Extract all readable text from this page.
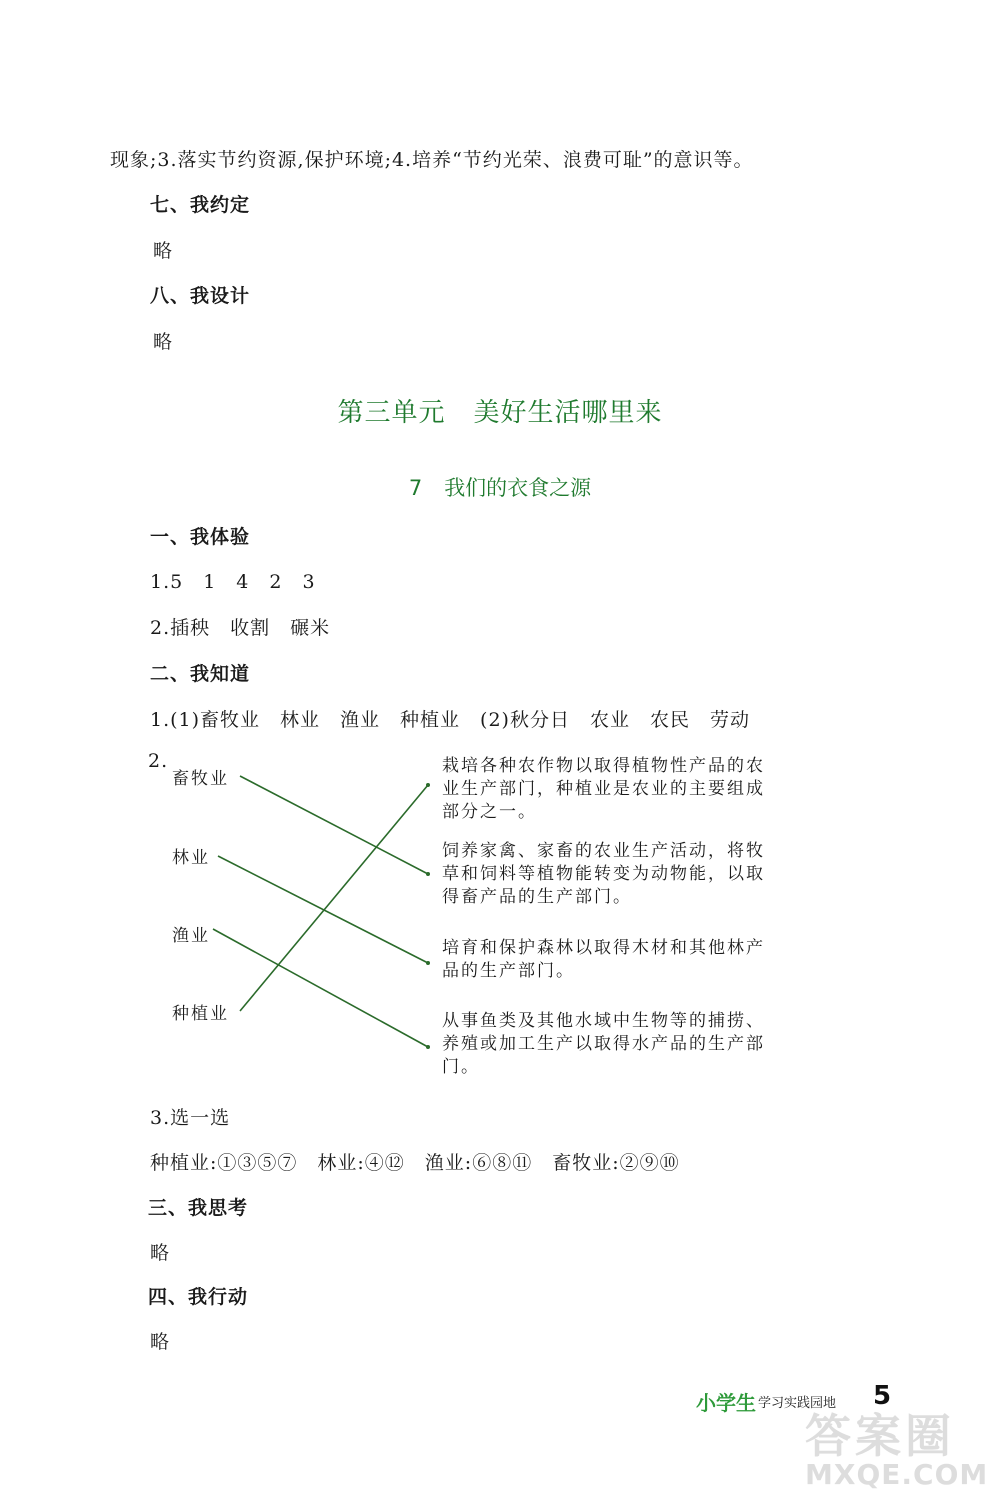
现象;3.落实节约资源,保护环境;4.培养“节约光荣、浪费可耻”的意识等。
七、我约定
略
八、我设计
略
第三单元 美好生活哪里来
7 我们的衣食之源
一、我体验
1.5　1　4　2　3
2.插秧　收割　碾米
二、我知道
1.(1)畜牧业　林业　渔业　种植业　(2)秋分日　农业　农民　劳动
2.
畜牧业
林业
渔业
种植业
栽培各种农作物以取得植物性产品的农业生产部门，种植业是农业的主要组成部分之一。
饲养家禽、家畜的农业生产活动，将牧草和饲料等植物能转变为动物能，以取得畜产品的生产部门。
培育和保护森林以取得木材和其他林产品的生产部门。
从事鱼类及其他水域中生物等的捕捞、养殖或加工生产以取得水产品的生产部门。
3.选一选
种植业:①③⑤⑦　林业:④⑫　渔业:⑥⑧⑪　畜牧业:②⑨⑩
三、我思考
略
四、我行动
略
小学生 学习实践园地 5
答案圈
MXQE.COM
